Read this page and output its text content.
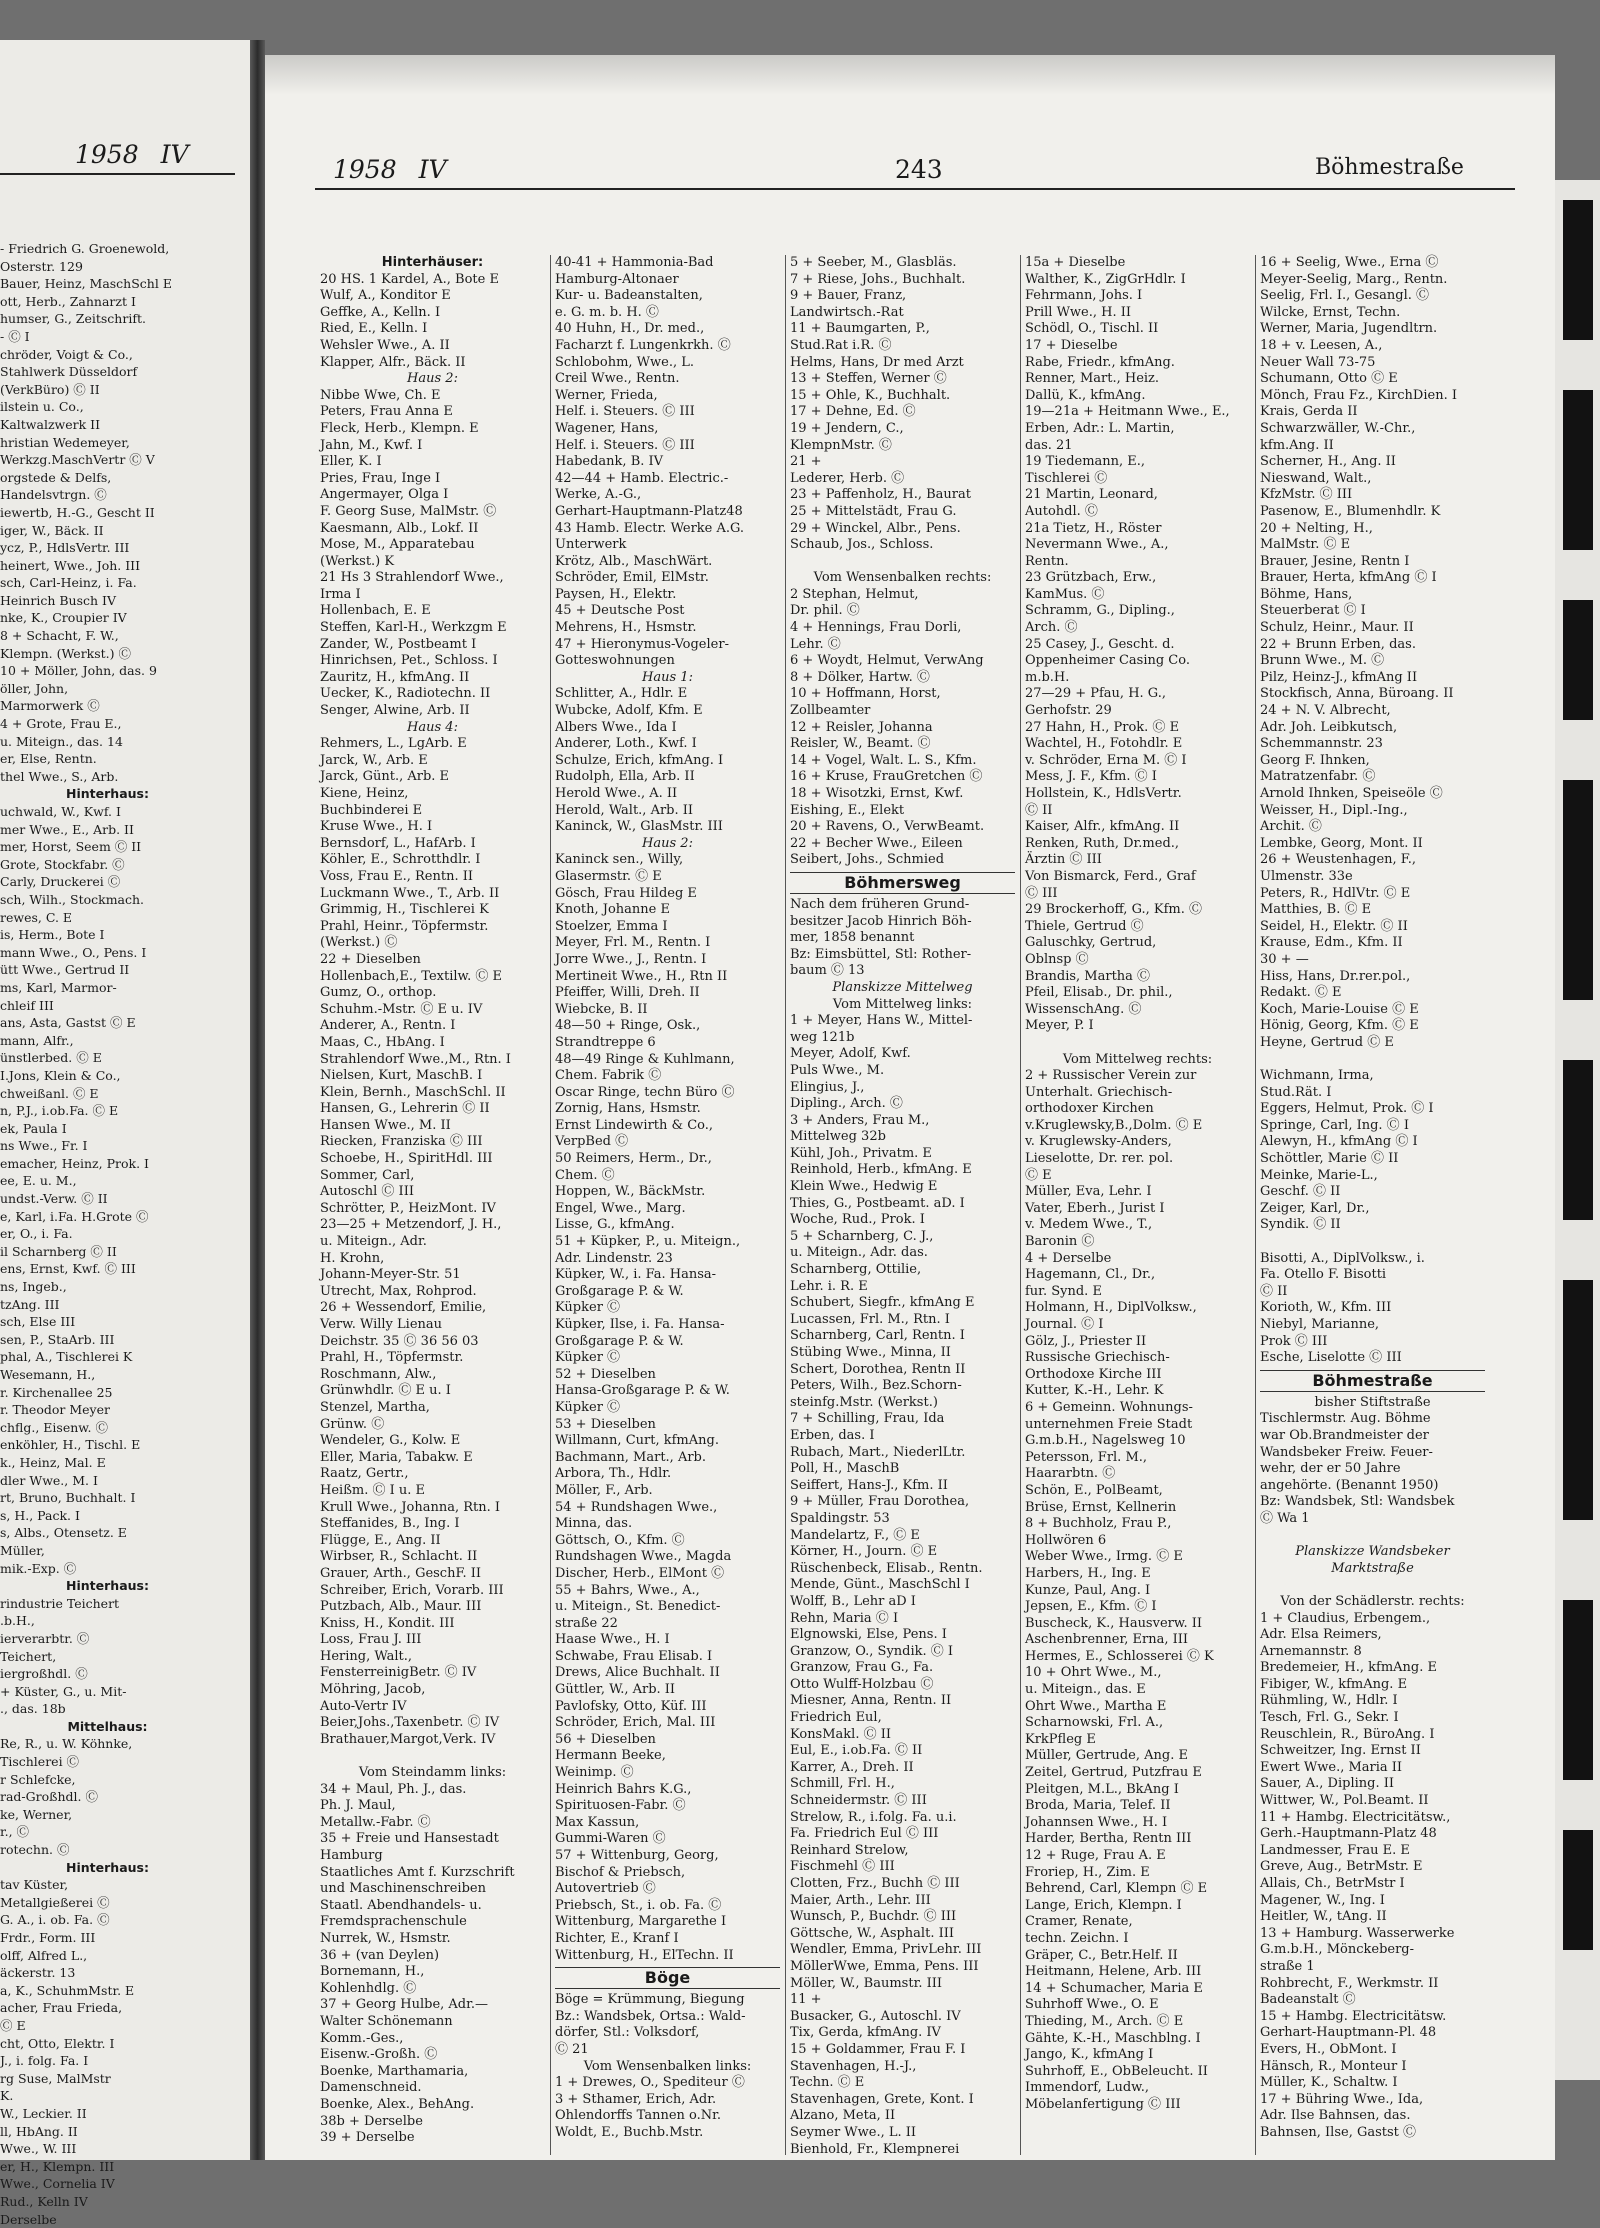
1958 IV
- Friedrich G. Groenewold,
Osterstr. 129
Bauer, Heinz, MaschSchl E
ott, Herb., Zahnarzt I
humser, G., Zeitschrift.
- Ⓒ I
chröder, Voigt & Co.,
Stahlwerk Düsseldorf
(VerkBüro) Ⓒ II
ilstein u. Co.,
Kaltwalzwerk II
hristian Wedemeyer,
Werkzg.MaschVertr Ⓒ V
orgstede & Delfs,
Handelsvtrgn. Ⓒ
iewertb, H.-G., Gescht II
iger, W., Bäck. II
ycz, P., HdlsVertr. III
heinert, Wwe., Joh. III
sch, Carl-Heinz, i. Fa.
Heinrich Busch IV
nke, K., Croupier IV
8 + Schacht, F. W.,
Klempn. (Werkst.) Ⓒ
10 + Möller, John, das. 9
öller, John,
Marmorwerk Ⓒ
4 + Grote, Frau E.,
u. Miteign., das. 14
er, Else, Rentn.
thel Wwe., S., Arb.
Hinterhaus:
uchwald, W., Kwf. I
mer Wwe., E., Arb. II
mer, Horst, Seem Ⓒ II
Grote, Stockfabr. Ⓒ
Carly, Druckerei Ⓒ
sch, Wilh., Stockmach.
rewes, C. E
is, Herm., Bote I
mann Wwe., O., Pens. I
ütt Wwe., Gertrud II
ms, Karl, Marmor-
chleif III
ans, Asta, Gastst Ⓒ E
mann, Alfr.,
ünstlerbed. Ⓒ E
I.Jons, Klein & Co.,
chweißanl. Ⓒ E
n, P.J., i.ob.Fa. Ⓒ E
ek, Paula I
ns Wwe., Fr. I
emacher, Heinz, Prok. I
ee, E. u. M.,
undst.-Verw. Ⓒ II
e, Karl, i.Fa. H.Grote Ⓒ
er, O., i. Fa.
il Scharnberg Ⓒ II
ens, Ernst, Kwf. Ⓒ III
ns, Ingeb.,
tzAng. III
sch, Else III
sen, P., StaArb. III
phal, A., Tischlerei K
Wesemann, H.,
r. Kirchenallee 25
r. Theodor Meyer
chflg., Eisenw. Ⓒ
enköhler, H., Tischl. E
k., Heinz, Mal. E
dler Wwe., M. I
rt, Bruno, Buchhalt. I
s, H., Pack. I
s, Albs., Otensetz. E
Müller,
mik.-Exp. Ⓒ
Hinterhaus:
rindustrie Teichert
.b.H.,
ierverarbtr. Ⓒ
Teichert,
iergroßhdl. Ⓒ
+ Küster, G., u. Mit-
., das. 18b
Mittelhaus:
Re, R., u. W. Köhnke,
Tischlerei Ⓒ
r Schlefcke,
rad-Großhdl. Ⓒ
ke, Werner,
r., Ⓒ
rotechn. Ⓒ
Hinterhaus:
tav Küster,
Metallgießerei Ⓒ
G. A., i. ob. Fa. Ⓒ
Frdr., Form. III
olff, Alfred L.,
äckerstr. 13
a, K., SchuhmMstr. E
acher, Frau Frieda,
Ⓒ E
cht, Otto, Elektr. I
J., i. folg. Fa. I
rg Suse, MalMstr
K.
W., Leckier. II
ll, HbAng. II
Wwe., W. III
er, H., Klempn. III
Wwe., Cornelia IV
Rud., Kelln IV
Derselbe
1958 IV	243	Böhmestraße
Hinterhäuser:
20 HS. 1 Kardel, A., Bote E
Wulf, A., Konditor E
Geffke, A., Kelln. I
Ried, E., Kelln. I
Wehsler Wwe., A. II
Klapper, Alfr., Bäck. II
Haus 2:
Nibbe Wwe, Ch. E
Peters, Frau Anna E
Fleck, Herb., Klempn. E
Jahn, M., Kwf. I
Eller, K. I
Pries, Frau, Inge I
Angermayer, Olga I
F. Georg Suse, MalMstr. Ⓒ
Kaesmann, Alb., Lokf. II
Mose, M., Apparatebau
(Werkst.) K
21 Hs 3 Strahlendorf Wwe.,
Irma I
Hollenbach, E. E
Steffen, Karl-H., Werkzgm E
Zander, W., Postbeamt I
Hinrichsen, Pet., Schloss. I
Zauritz, H., kfmAng. II
Uecker, K., Radiotechn. II
Senger, Alwine, Arb. II
Haus 4:
Rehmers, L., LgArb. E
Jarck, W., Arb. E
Jarck, Günt., Arb. E
Kiene, Heinz,
Buchbinderei E
Kruse Wwe., H. I
Bernsdorf, L., HafArb. I
Köhler, E., Schrotthdlr. I
Voss, Frau E., Rentn. II
Luckmann Wwe., T., Arb. II
Grimmig, H., Tischlerei K
Prahl, Heinr., Töpfermstr.
(Werkst.) Ⓒ
22 + Dieselben
Hollenbach,E., Textilw. Ⓒ E
Gumz, O., orthop.
Schuhm.-Mstr. Ⓒ E u. IV
Anderer, A., Rentn. I
Maas, C., HbAng. I
Strahlendorf Wwe.,M., Rtn. I
Nielsen, Kurt, MaschB. I
Klein, Bernh., MaschSchl. II
Hansen, G., Lehrerin Ⓒ II
Hansen Wwe., M. II
Riecken, Franziska Ⓒ III
Schoebe, H., SpiritHdl. III
Sommer, Carl,
Autoschl Ⓒ III
Schrötter, P., HeizMont. IV
23—25 + Metzendorf, J. H.,
u. Miteign., Adr.
H. Krohn,
Johann-Meyer-Str. 51
Utrecht, Max, Rohprod.
26 + Wessendorf, Emilie,
Verw. Willy Lienau
Deichstr. 35 Ⓒ 36 56 03
Prahl, H., Töpfermstr.
Roschmann, Alw.,
Grünwhdlr. Ⓒ E u. I
Stenzel, Martha,
Grünw. Ⓒ
Wendeler, G., Kolw. E
Eller, Maria, Tabakw. E
Raatz, Gertr.,
Heißm. Ⓒ I u. E
Krull Wwe., Johanna, Rtn. I
Steffanides, B., Ing. I
Flügge, E., Ang. II
Wirbser, R., Schlacht. II
Grauer, Arth., GeschF. II
Schreiber, Erich, Vorarb. III
Putzbach, Alb., Maur. III
Kniss, H., Kondit. III
Loss, Frau J. III
Hering, Walt.,
FensterreinigBetr. Ⓒ IV
Möhring, Jacob,
Auto-Vertr IV
Beier,Johs.,Taxenbetr. Ⓒ IV
Brathauer,Margot,Verk. IV

Vom Steindamm links:
34 + Maul, Ph. J., das.
Ph. J. Maul,
Metallw.-Fabr. Ⓒ
35 + Freie und Hansestadt
Hamburg
Staatliches Amt f. Kurzschrift
und Maschinenschreiben
Staatl. Abendhandels- u.
Fremdsprachenschule
Nurrek, W., Hsmstr.
36 + (van Deylen)
Bornemann, H.,
Kohlenhdlg. Ⓒ
37 + Georg Hulbe, Adr.—
Walter Schönemann
Komm.-Ges.,
Eisenw.-Großh. Ⓒ
Boenke, Marthamaria,
Damenschneid.
Boenke, Alex., BehAng.
38b + Derselbe
39 + Derselbe
40-41 + Hammonia-Bad
Hamburg-Altonaer
Kur- u. Badeanstalten,
e. G. m. b. H. Ⓒ
40 Huhn, H., Dr. med.,
Facharzt f. Lungenkrkh. Ⓒ
Schlobohm, Wwe., L.
Creil Wwe., Rentn.
Werner, Frieda,
Helf. i. Steuers. Ⓒ III
Wagener, Hans,
Helf. i. Steuers. Ⓒ III
Habedank, B. IV
42—44 + Hamb. Electric.-
Werke, A.-G.,
Gerhart-Hauptmann-Platz48
43 Hamb. Electr. Werke A.G.
Unterwerk
Krötz, Alb., MaschWärt.
Schröder, Emil, ElMstr.
Paysen, H., Elektr.
45 + Deutsche Post
Mehrens, H., Hsmstr.
47 + Hieronymus-Vogeler-
Gotteswohnungen
Haus 1:
Schlitter, A., Hdlr. E
Wubcke, Adolf, Kfm. E
Albers Wwe., Ida I
Anderer, Loth., Kwf. I
Schulze, Erich, kfmAng. I
Rudolph, Ella, Arb. II
Herold Wwe., A. II
Herold, Walt., Arb. II
Kaninck, W., GlasMstr. III
Haus 2:
Kaninck sen., Willy,
Glasermstr. Ⓒ E
Gösch, Frau Hildeg E
Knoth, Johanne E
Stoelzer, Emma I
Meyer, Frl. M., Rentn. I
Jorre Wwe., J., Rentn. I
Mertineit Wwe., H., Rtn II
Pfeiffer, Willi, Dreh. II
Wiebcke, B. II
48—50 + Ringe, Osk.,
Strandtreppe 6
48—49 Ringe & Kuhlmann,
Chem. Fabrik Ⓒ
Oscar Ringe, techn Büro Ⓒ
Zornig, Hans, Hsmstr.
Ernst Lindewirth & Co.,
VerpBed Ⓒ
50 Reimers, Herm., Dr.,
Chem. Ⓒ
Hoppen, W., BäckMstr.
Engel, Wwe., Marg.
Lisse, G., kfmAng.
51 + Küpker, P., u. Miteign.,
Adr. Lindenstr. 23
Küpker, W., i. Fa. Hansa-
Großgarage P. & W.
Küpker Ⓒ
Küpker, Ilse, i. Fa. Hansa-
Großgarage P. & W.
Küpker Ⓒ
52 + Dieselben
Hansa-Großgarage P. & W.
Küpker Ⓒ
53 + Dieselben
Willmann, Curt, kfmAng.
Bachmann, Mart., Arb.
Arbora, Th., Hdlr.
Möller, F., Arb.
54 + Rundshagen Wwe.,
Minna, das.
Göttsch, O., Kfm. Ⓒ
Rundshagen Wwe., Magda
Discher, Herb., ElMont Ⓒ
55 + Bahrs, Wwe., A.,
u. Miteign., St. Benedict-
straße 22
Haase Wwe., H. I
Schwabe, Frau Elisab. I
Drews, Alice Buchhalt. II
Güttler, W., Arb. II
Pavlofsky, Otto, Küf. III
Schröder, Erich, Mal. III
56 + Dieselben
Hermann Beeke,
Weinimp. Ⓒ
Heinrich Bahrs K.G.,
Spirituosen-Fabr. Ⓒ
Max Kassun,
Gummi-Waren Ⓒ
57 + Wittenburg, Georg,
Bischof & Priebsch,
Autovertrieb Ⓒ
Priebsch, St., i. ob. Fa. Ⓒ
Wittenburg, Margarethe I
Richter, E., Kranf I
Wittenburg, H., ElTechn. II
Böge
Böge = Krümmung, Biegung
Bz.: Wandsbek, Ortsa.: Wald-
dörfer, Stl.: Volksdorf,
Ⓒ 21
Vom Wensenbalken links:
1 + Drewes, O., Spediteur Ⓒ
3 + Sthamer, Erich, Adr.
Ohlendorffs Tannen o.Nr.
Woldt, E., Buchb.Mstr.
5 + Seeber, M., Glasbläs.
7 + Riese, Johs., Buchhalt.
9 + Bauer, Franz,
Landwirtsch.-Rat
11 + Baumgarten, P.,
Stud.Rat i.R. Ⓒ
Helms, Hans, Dr med Arzt
13 + Steffen, Werner Ⓒ
15 + Ohle, K., Buchhalt.
17 + Dehne, Ed. Ⓒ
19 + Jendern, C.,
KlempnMstr. Ⓒ
21 +
Lederer, Herb. Ⓒ
23 + Paffenholz, H., Baurat
25 + Mittelstädt, Frau G.
29 + Winckel, Albr., Pens.
Schaub, Jos., Schloss.

Vom Wensenbalken rechts:
2 Stephan, Helmut,
Dr. phil. Ⓒ
4 + Hennings, Frau Dorli,
Lehr. Ⓒ
6 + Woydt, Helmut, VerwAng
8 + Dölker, Hartw. Ⓒ
10 + Hoffmann, Horst,
Zollbeamter
12 + Reisler, Johanna
Reisler, W., Beamt. Ⓒ
14 + Vogel, Walt. L. S., Kfm.
16 + Kruse, FrauGretchen Ⓒ
18 + Wisotzki, Ernst, Kwf.
Eishing, E., Elekt
20 + Ravens, O., VerwBeamt.
22 + Becher Wwe., Eileen
Seibert, Johs., Schmied
Böhmersweg
Nach dem früheren Grund-
besitzer Jacob Hinrich Böh-
mer, 1858 benannt
Bz: Eimsbüttel, Stl: Rother-
baum Ⓒ 13
Planskizze Mittelweg
Vom Mittelweg links:
1 + Meyer, Hans W., Mittel-
weg 121b
Meyer, Adolf, Kwf.
Puls Wwe., M.
Elingius, J.,
Dipling., Arch. Ⓒ
3 + Anders, Frau M.,
Mittelweg 32b
Kühl, Joh., Privatm. E
Reinhold, Herb., kfmAng. E
Klein Wwe., Hedwig E
Thies, G., Postbeamt. aD. I
Woche, Rud., Prok. I
5 + Scharnberg, C. J.,
u. Miteign., Adr. das.
Scharnberg, Ottilie,
Lehr. i. R. E
Schubert, Siegfr., kfmAng E
Lucassen, Frl. M., Rtn. I
Scharnberg, Carl, Rentn. I
Stübing Wwe., Minna, II
Schert, Dorothea, Rentn II
Peters, Wilh., Bez.Schorn-
steinfg.Mstr. (Werkst.)
7 + Schilling, Frau, Ida
Erben, das. I
Rubach, Mart., NiederlLtr.
Poll, H., MaschB
Seiffert, Hans-J., Kfm. II
9 + Müller, Frau Dorothea,
Spaldingstr. 53
Mandelartz, F., Ⓒ E
Körner, H., Journ. Ⓒ E
Rüschenbeck, Elisab., Rentn.
Mende, Günt., MaschSchl I
Wolff, B., Lehr aD I
Rehn, Maria Ⓒ I
Elgnowski, Else, Pens. I
Granzow, O., Syndik. Ⓒ I
Granzow, Frau G., Fa.
Otto Wulff-Holzbau Ⓒ
Miesner, Anna, Rentn. II
Friedrich Eul,
KonsMakl. Ⓒ II
Eul, E., i.ob.Fa. Ⓒ II
Karrer, A., Dreh. II
Schmill, Frl. H.,
Schneidermstr. Ⓒ III
Strelow, R., i.folg. Fa. u.i.
Fa. Friedrich Eul Ⓒ III
Reinhard Strelow,
Fischmehl Ⓒ III
Clotten, Frz., Buchh Ⓒ III
Maier, Arth., Lehr. III
Wunsch, P., Buchdr. Ⓒ III
Göttsche, W., Asphalt. III
Wendler, Emma, PrivLehr. III
MöllerWwe, Emma, Pens. III
Möller, W., Baumstr. III
11 +
Busacker, G., Autoschl. IV
Tix, Gerda, kfmAng. IV
15 + Goldammer, Frau F. I
Stavenhagen, H.-J.,
Techn. Ⓒ E
Stavenhagen, Grete, Kont. I
Alzano, Meta, II
Seymer Wwe., L. II
Bienhold, Fr., Klempnerei
15a + Dieselbe
Walther, K., ZigGrHdlr. I
Fehrmann, Johs. I
Prill Wwe., H. II
Schödl, O., Tischl. II
17 + Dieselbe
Rabe, Friedr., kfmAng.
Renner, Mart., Heiz.
Dallü, K., kfmAng.
19—21a + Heitmann Wwe., E.,
Erben, Adr.: L. Martin,
das. 21
19 Tiedemann, E.,
Tischlerei Ⓒ
21 Martin, Leonard,
Autohdl. Ⓒ
21a Tietz, H., Röster
Nevermann Wwe., A.,
Rentn.
23 Grützbach, Erw.,
KamMus. Ⓒ
Schramm, G., Dipling.,
Arch. Ⓒ
25 Casey, J., Gescht. d.
Oppenheimer Casing Co.
m.b.H.
27—29 + Pfau, H. G.,
Gerhofstr. 29
27 Hahn, H., Prok. Ⓒ E
Wachtel, H., Fotohdlr. E
v. Schröder, Erna M. Ⓒ I
Mess, J. F., Kfm. Ⓒ I
Hollstein, K., HdlsVertr.
Ⓒ II
Kaiser, Alfr., kfmAng. II
Renken, Ruth, Dr.med.,
Ärztin Ⓒ III
Von Bismarck, Ferd., Graf
Ⓒ III
29 Brockerhoff, G., Kfm. Ⓒ
Thiele, Gertrud Ⓒ
Galuschky, Gertrud,
Oblnsp Ⓒ
Brandis, Martha Ⓒ
Pfeil, Elisab., Dr. phil.,
WissenschAng. Ⓒ
Meyer, P. I

Vom Mittelweg rechts:
2 + Russischer Verein zur
Unterhalt. Griechisch-
orthodoxer Kirchen
v.Kruglewsky,B.,Dolm. Ⓒ E
v. Kruglewsky-Anders,
Lieselotte, Dr. rer. pol.
Ⓒ E
Müller, Eva, Lehr. I
Vater, Eberh., Jurist I
v. Medem Wwe., T.,
Baronin Ⓒ
4 + Derselbe
Hagemann, Cl., Dr.,
fur. Synd. E
Holmann, H., DiplVolksw.,
Journal. Ⓒ I
Gölz, J., Priester II
Russische Griechisch-
Orthodoxe Kirche III
Kutter, K.-H., Lehr. K
6 + Gemeinn. Wohnungs-
unternehmen Freie Stadt
G.m.b.H., Nagelsweg 10
Petersson, Frl. M.,
Haararbtn. Ⓒ
Schön, E., PolBeamt,
Brüse, Ernst, Kellnerin
8 + Buchholz, Frau P.,
Hollwören 6
Weber Wwe., Irmg. Ⓒ E
Harbers, H., Ing. E
Kunze, Paul, Ang. I
Jepsen, E., Kfm. Ⓒ I
Buscheck, K., Hausverw. II
Aschenbrenner, Erna, III
Hermes, E., Schlosserei Ⓒ K
10 + Ohrt Wwe., M.,
u. Miteign., das. E
Ohrt Wwe., Martha E
Scharnowski, Frl. A.,
KrkPfleg E
Müller, Gertrude, Ang. E
Zeitel, Gertrud, Putzfrau E
Pleitgen, M.L., BkAng I
Broda, Maria, Telef. II
Johannsen Wwe., H. I
Harder, Bertha, Rentn III
12 + Ruge, Frau A. E
Froriep, H., Zim. E
Behrend, Carl, Klempn Ⓒ E
Lange, Erich, Klempn. I
Cramer, Renate,
techn. Zeichn. I
Gräper, C., Betr.Helf. II
Heitmann, Helene, Arb. III
14 + Schumacher, Maria E
Suhrhoff Wwe., O. E
Thieding, M., Arch. Ⓒ E
Gähte, K.-H., Maschblng. I
Jango, K., kfmAng I
Suhrhoff, E., ObBeleucht. II
Immendorf, Ludw.,
Möbelanfertigung Ⓒ III
16 + Seelig, Wwe., Erna Ⓒ
Meyer-Seelig, Marg., Rentn.
Seelig, Frl. I., Gesangl. Ⓒ
Wilcke, Ernst, Techn.
Werner, Maria, Jugendltrn.
18 + v. Leesen, A.,
Neuer Wall 73-75
Schumann, Otto Ⓒ E
Mönch, Frau Fz., KirchDien. I
Krais, Gerda II
Schwarzwäller, W.-Chr.,
kfm.Ang. II
Scherner, H., Ang. II
Nieswand, Walt.,
KfzMstr. Ⓒ III
Pasenow, E., Blumenhdlr. K
20 + Nelting, H.,
MalMstr. Ⓒ E
Brauer, Jesine, Rentn I
Brauer, Herta, kfmAng Ⓒ I
Böhme, Hans,
Steuerberat Ⓒ I
Schulz, Heinr., Maur. II
22 + Brunn Erben, das.
Brunn Wwe., M. Ⓒ
Pilz, Heinz-J., kfmAng II
Stockfisch, Anna, Büroang. II
24 + N. V. Albrecht,
Adr. Joh. Leibkutsch,
Schemmannstr. 23
Georg F. Ihnken,
Matratzenfabr. Ⓒ
Arnold Ihnken, Speiseöle Ⓒ
Weisser, H., Dipl.-Ing.,
Archit. Ⓒ
Lembke, Georg, Mont. II
26 + Weustenhagen, F.,
Ulmenstr. 33e
Peters, R., HdlVtr. Ⓒ E
Matthies, B. Ⓒ E
Seidel, H., Elektr. Ⓒ II
Krause, Edm., Kfm. II
30 + —
Hiss, Hans, Dr.rer.pol.,
Redakt. Ⓒ E
Koch, Marie-Louise Ⓒ E
Hönig, Georg, Kfm. Ⓒ E
Heyne, Gertrud Ⓒ E

Wichmann, Irma,
Stud.Rät. I
Eggers, Helmut, Prok. Ⓒ I
Springe, Carl, Ing. Ⓒ I
Alewyn, H., kfmAng Ⓒ I
Schöttler, Marie Ⓒ II
Meinke, Marie-L.,
Geschf. Ⓒ II
Zeiger, Karl, Dr.,
Syndik. Ⓒ II

Bisotti, A., DiplVolksw., i.
Fa. Otello F. Bisotti
Ⓒ II
Korioth, W., Kfm. III
Niebyl, Marianne,
Prok Ⓒ III
Esche, Liselotte Ⓒ III
Böhmestraße
bisher Stiftstraße
Tischlermstr. Aug. Böhme
war Ob.Brandmeister der
Wandsbeker Freiw. Feuer-
wehr, der er 50 Jahre
angehörte. (Benannt 1950)
Bz: Wandsbek, Stl: Wandsbek
Ⓒ Wa 1

Planskizze Wandsbeker
Marktstraße

Von der Schädlerstr. rechts:
1 + Claudius, Erbengem.,
Adr. Elsa Reimers,
Arnemannstr. 8
Bredemeier, H., kfmAng. E
Fibiger, W., kfmAng. E
Rühmling, W., Hdlr. I
Tesch, Frl. G., Sekr. I
Reuschlein, R., BüroAng. I
Schweitzer, Ing. Ernst II
Ewert Wwe., Maria II
Sauer, A., Dipling. II
Wittwer, W., Pol.Beamt. II
11 + Hambg. Electricitätsw.,
Gerh.-Hauptmann-Platz 48
Landmesser, Frau E. E
Greve, Aug., BetrMstr. E
Allais, Ch., BetrMstr I
Magener, W., Ing. I
Heitler, W., tAng. II
13 + Hamburg. Wasserwerke
G.m.b.H., Mönckeberg-
straße 1
Rohbrecht, F., Werkmstr. II
Badeanstalt Ⓒ
15 + Hambg. Electricitätsw.
Gerhart-Hauptmann-Pl. 48
Evers, H., ObMont. I
Hänsch, R., Monteur I
Müller, K., Schaltw. I
17 + Bühring Wwe., Ida,
Adr. Ilse Bahnsen, das.
Bahnsen, Ilse, Gastst Ⓒ
